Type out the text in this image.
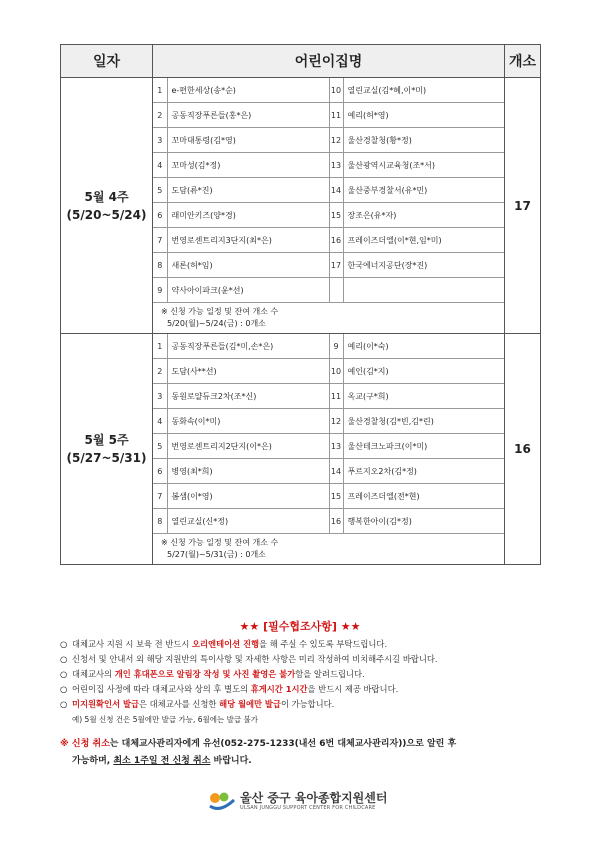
일자	어린이집명	개소

5월 4주
(5/20~5/24)

1	e-편한세상(송*순)	10	열린교실(김*혜,이*미)
2	공동직장푸른들(홍*은)	11	예리(허*영)
3	꼬마대통령(김*영)	12	울산경찰청(황*정)
4	꼬마성(김*정)	13	울산광역시교육청(조*서)
5	도담(류*진)	14	울산중부경찰서(유*민)
6	래미안키즈(양*경)	15	장조은(유*자)
7	번영로센트리지3단지(최*은)	16	프레이즈더엘(이*현,임*미)
8	새론(허*임)	17	한국에너지공단(장*진)
9	약사아이파크(윤*선)		
※ 신청 가능 일정 및 잔여 개소 수
5/20(월)~5/24(금) : 0개소
	17

5월 5주
(5/27~5/31)

1	공동직장푸른들(김*미,손*은)	9	예리(이*숙)
2	도담(사**선)	10	예인(김*지)
3	동원로얄듀크2차(조*신)	11	옥교(구*희)
4	동화속(이*미)	12	울산경찰청(김*빈,김*린)
5	번영로센트리지2단지(이*은)	13	울산테크노파크(이*미)
6	병영(최*희)	14	푸르지오2차(김*정)
7	봄샘(이*영)	15	프레이즈더엘(전*현)
8	열린교실(신*정)	16	행복한아이(김*정)
※ 신청 가능 일정 및 잔여 개소 수
5/27(월)~5/31(금) : 0개소
	16
★★ [필수협조사항] ★★
○ 대체교사 지원 시 보육 전 반드시 오리엔테이션 진행을 해 주실 수 있도록 부탁드립니다.
○ 신청서 및 안내서 외 해당 지원반의 특이사항 및 자세한 사항은 미리 작성하여 비치해주시길 바랍니다.
○ 대체교사의 개인 휴대폰으로 알림장 작성 및 사진 촬영은 불가함을 알려드립니다.
○ 어린이집 사정에 따라 대체교사와 상의 후 별도의 휴게시간 1시간을 반드시 제공 바랍니다.
○ 미지원확인서 발급은 대체교사를 신청한 해당 월에만 발급이 가능합니다.
예) 5월 신청 건은 5월에만 발급 가능, 6월에는 발급 불가
※ 신청 취소는 대체교사관리자에게 유선(052-275-1233(내선 6번 대체교사관리자))으로 알린 후
가능하며, 최소 1주일 전 신청 취소 바랍니다.
울산 중구 육아종합지원센터
ULSAN JUNGGU SUPPORT CENTER FOR CHILDCARE
